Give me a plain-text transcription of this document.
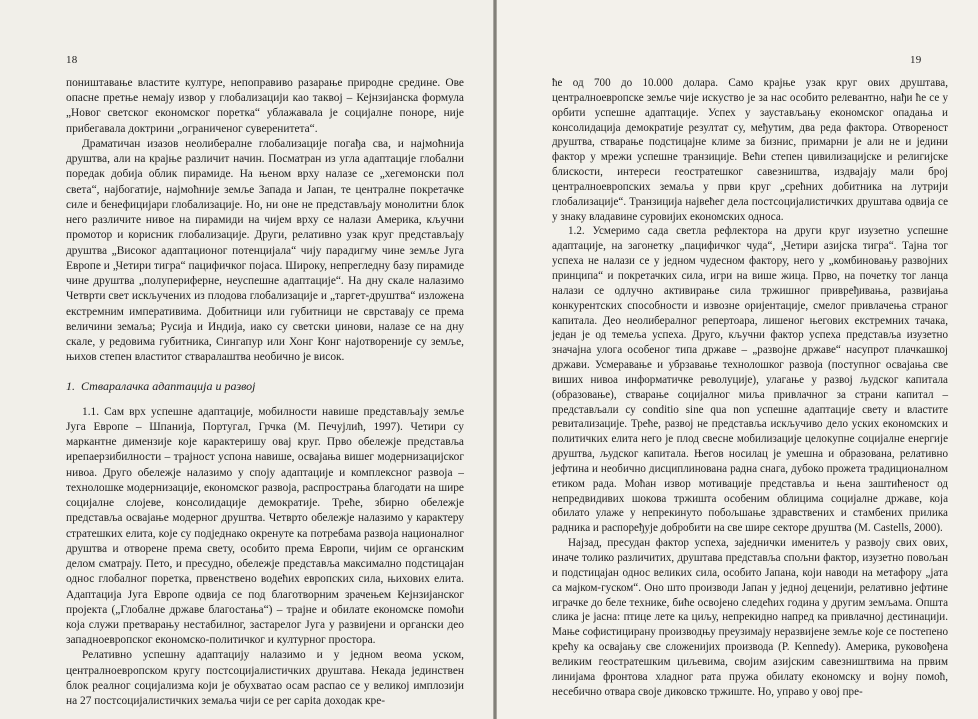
18

поништавање властите културе, непоправиво разарање природне средине. Ове опасне претње немају извор у глобализацији као таквој – Кејнзијанска формула „Новог светског економског поретка“ ублажавала је социјалне поноре, није прибегавала доктрини „ограниченог суверенитета“.

Драматичан изазов неолибералне глобализације погађа сва, и најмоћнија друштва, али на крајње различит начин. Посматран из угла адаптације глобални поредак добија облик пирамиде. На њеном врху налазе се „хегемонски пол света“, најбогатије, најмоћније земље Запада и Јапан, те централне покретачке силе и бенефицијари глобализације. Но, ни оне не представљају монолитни блок него различите нивое на пирамиди на чијем врху се налази Америка, кључни промотор и корисник глобализације. Други, релативно узак круг представљају друштва „Високог адаптационог потенцијала“ чију парадигму чине земље Југа Европе и „Четири тигра“ пацифичког појаса. Широку, непрегледну базу пирамиде чине друштва „полупериферне, неуспешне адаптације“. На дну скале налазимо Четврти свет искључених из плодова глобализације и „таргет-друштва“ изложена екстремним императивима. Добитници или губитници не сврставају се према величини земаља; Русија и Индија, иако су светски џинови, налазе се на дну скале, у редовима губитника, Сингапур или Хонг Конг најотвореније су земље, њихов степен властитог стваралаштва необично је висок.

1. Стваралачка адаптација и развој

1.1. Сам врх успешне адаптације, мобилности навише представљају земље Југа Европе – Шпанија, Португал, Грчка (М. Печујлић, 1997). Четири су маркантне димензије које карактеришу овај круг. Прво обележје представља ирепаерзибилности – трајност успона навише, освајања вишег модернизацијског нивоа. Друго обележје налазимо у споју адаптације и комплексног развоја – технолошке модернизације, економског развоја, распрострања благодати на шире социјалне слојеве, консолидације демократије. Треће, збирно обележје представља освајање модерног друштва. Четврто обележје налазимо у карактеру стратешких елита, које су подједнако окренуте ка потребама развоја националног друштва и отворене према свету, особито према Европи, чијим се органским делом сматрају. Пето, и пресудно, обележје представља максимално подстицајан однос глобалног поретка, првенствено водећих европских сила, њихових елита. Адаптација Југа Европе одвија се под благотворним зрачењем Кејнзијанског пројекта („Глобалне државе благостања“) – трајне и обилате економске помоћи која служи претварању нестабилног, застарелог Југа у развијени и органски део западноевропског економско-политичког и културног простора.

Релативно успешну адаптацију налазимо и у једном веома уском, централноевропском кругу постсоцијалистичких друштава. Некада јединствен блок реалног социјализма који је обухватао осам распао се у великој имплозији на 27 постсоцијалистичких земаља чији се per capita доходак кре-

ће од 700 до 10.000 долара. Само крајње узак круг ових друштава, централноевропске земље чије искуство је за нас особито релевантно, нађи ће се у орбити успешне адаптације. Успех у заустављању економског опадања и консолидација демократије резултат су, међутим, два реда фактора. Отвореност друштва, стварање подстицајне климе за бизнис, примарни је али не и једини фактор у мрежи успешне транзиције. Већи степен цивилизацијске и религијске блискости, интереси геостратешког савезништва, издвајају мали број централноевропских земаља у први круг „срећних добитника на лутрији глобализације“. Транзиција највећег дела постсоцијалистичких друштава одвија се у знаку владавине суровијих економских односа.

1.2. Усмеримо сада светла рефлектора на други круг изузетно успешне адаптације, на загонетку „пацифичког чуда“, „Четири азијска тигра“. Тајна тог успеха не налази се у једном чудесном фактору, него у „комбиновању развојних принципа“ и покретачких сила, игри на више жица. Прво, на почетку тог ланца налази се одлучно активирање сила тржишног привређивања, развијања конкурентских способности и извозне оријентације, смелог привлачења страног капитала. Део неолибералног репертоара, лишеног његових екстремних тачака, један је од темеља успеха. Друго, кључни фактор успеха представља изузетно значајна улога особеног типа државе – „развојне државе“ насупрот плачкашкој држави. Усмеравање и убрзавање технолошког развоја (поступног освајања све виших нивоа информатичке револуције), улагање у развој људског капитала (образовање), стварање социјалног миља привлачног за страни капитал – представљали су conditio sine qua non успешне адаптације свету и властите ревитализације. Треће, развој не представља искључиво дело уских економских и политичких елита него је плод свесне мобилизације целокупне социјалне енергије друштва, људског капитала. Његов носилац је умешна и образована, релативно јефтина и необично дисциплинована радна снага, дубоко прожета традиционалном етиком рада. Моћан извор мотивације представља и њена заштићеност од непредвидивих шокова тржишта особеним облицима социјалне државе, која обилато улаже у непрекинуто побољшање здравствених и стамбених прилика радника и распоређује добробити на све шире секторе друштва (М. Castells, 2000).

Најзад, пресудан фактор успеха, заједнички именитељ у развоју свих ових, иначе толико различитих, друштава представља спољни фактор, изузетно повољан и подстицајан однос великих сила, особито Јапана, који наводи на метафору „јата са мајком-гуском“. Оно што производи Јапан у једној деценији, релативно јефтине играчке до беле технике, биће освојено следећих година у другим земљама. Општа слика је јасна: птице лете ка циљу, непрекидно напред ка привлачној дестинацији. Мање софистицирану производњу преузимају неразвијене земље које се постепено крећу ка освајању све сложенијих производа (P. Kennedy). Америка, руковођена великим геостратешким циљевима, својим азијским савезништвима на првим линијама фронтова хладног рата пружа обилату економску и војну помоћ, несебично отвара своје диковско тржиште. Но, управо у овој пре-

19
